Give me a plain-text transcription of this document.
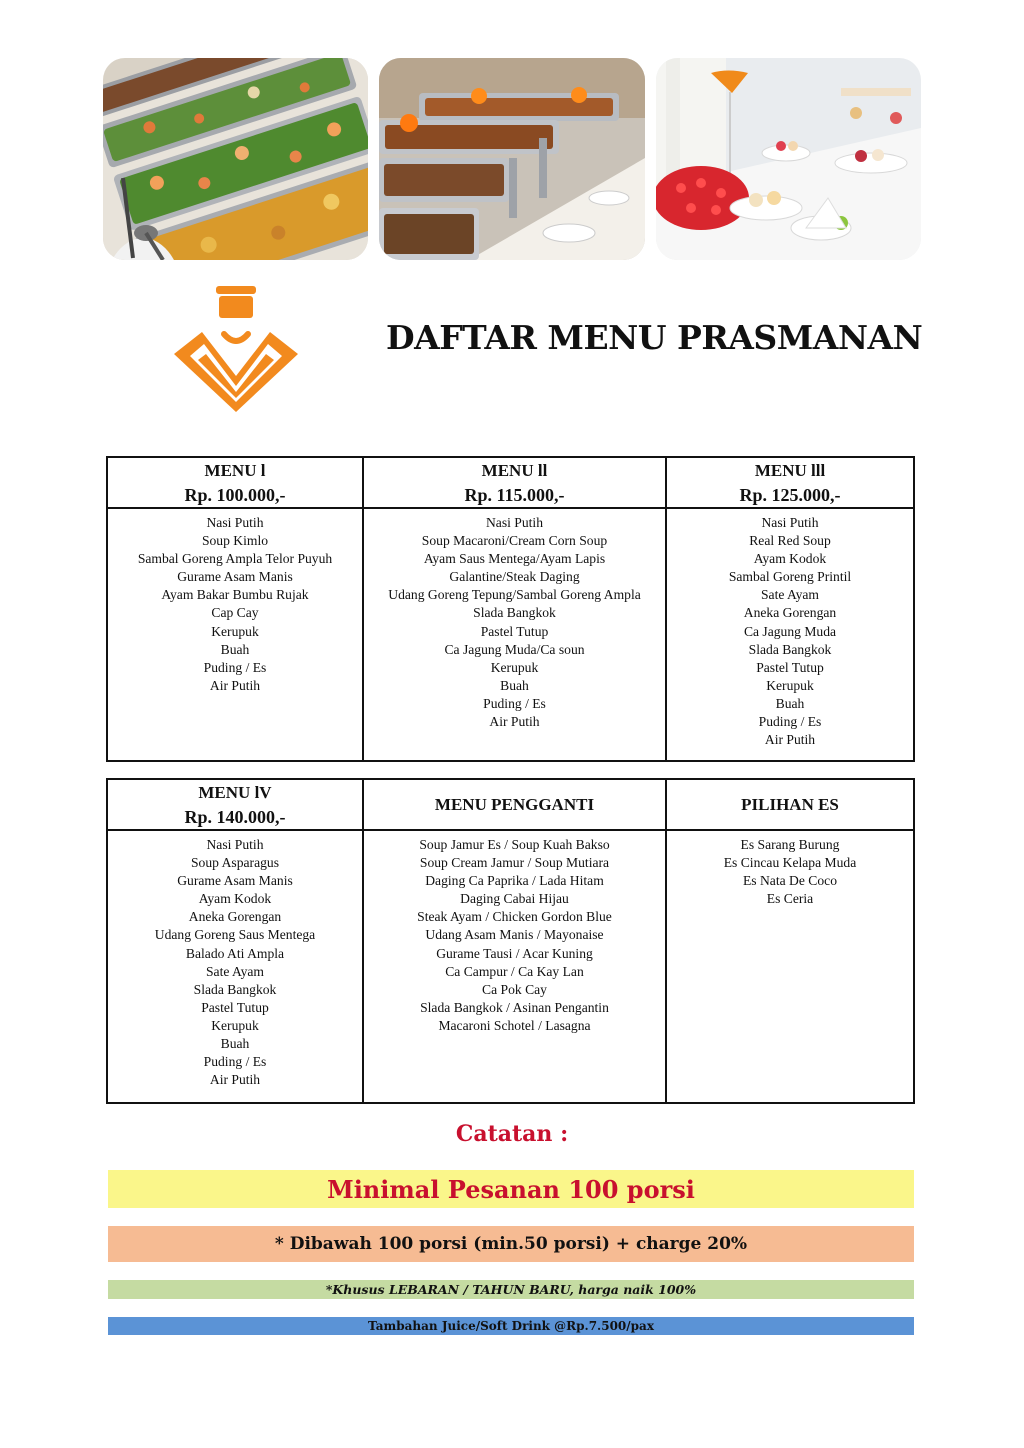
DAFTAR MENU PRASMANAN
MENU l
Rp. 100.000,-
Nasi Putih
Soup Kimlo
Sambal Goreng Ampla Telor Puyuh
Gurame Asam Manis
Ayam Bakar Bumbu Rujak
Cap Cay
Kerupuk
Buah
Puding / Es
Air Putih
MENU ll
Rp. 115.000,-
Nasi Putih
Soup Macaroni/Cream Corn Soup
Ayam Saus Mentega/Ayam Lapis
Galantine/Steak Daging
Udang Goreng Tepung/Sambal Goreng Ampla
Slada Bangkok
Pastel Tutup
Ca Jagung Muda/Ca soun
Kerupuk
Buah
Puding / Es
Air Putih
MENU lll
Rp. 125.000,-
Nasi Putih
Real Red Soup
Ayam Kodok
Sambal Goreng Printil
Sate Ayam
Aneka Gorengan
Ca Jagung Muda
Slada Bangkok
Pastel Tutup
Kerupuk
Buah
Puding / Es
Air Putih
MENU lV
Rp. 140.000,-
Nasi Putih
Soup Asparagus
Gurame Asam Manis
Ayam Kodok
Aneka Gorengan
Udang Goreng Saus Mentega
Balado Ati Ampla
Sate Ayam
Slada Bangkok
Pastel Tutup
Kerupuk
Buah
Puding / Es
Air Putih
MENU PENGGANTI
Soup Jamur Es / Soup Kuah Bakso
Soup Cream Jamur / Soup Mutiara
Daging Ca Paprika / Lada Hitam
Daging Cabai Hijau
Steak Ayam / Chicken Gordon Blue
Udang Asam Manis / Mayonaise
Gurame Tausi / Acar Kuning
Ca Campur / Ca Kay Lan
Ca Pok Cay
Slada Bangkok / Asinan Pengantin
Macaroni Schotel / Lasagna
PILIHAN ES
Es Sarang Burung
Es Cincau Kelapa Muda
Es Nata De Coco
Es Ceria
Catatan :
Minimal Pesanan 100 porsi
* Dibawah 100 porsi (min.50 porsi) + charge 20%
*Khusus LEBARAN / TAHUN BARU, harga naik 100%
Tambahan Juice/Soft Drink @Rp.7.500/pax
